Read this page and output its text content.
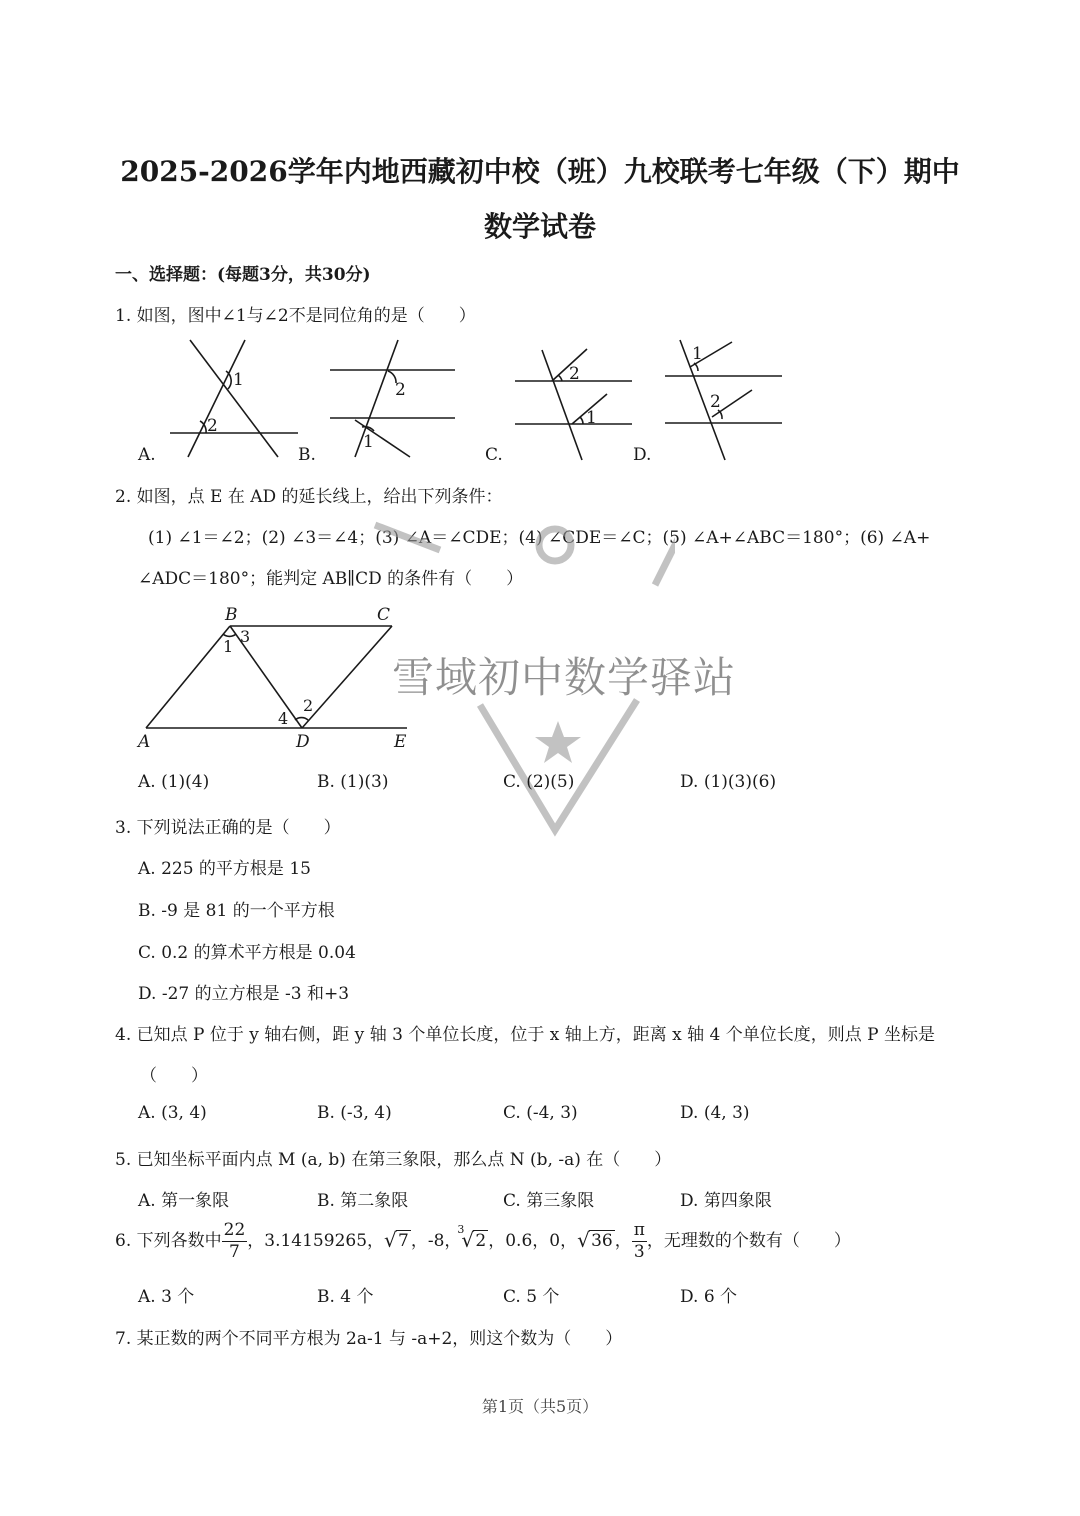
2025-2026学年内地西藏初中校（班）九校联考七年级（下）期中
数学试卷
一、选择题：(每题3分，共30分)
1. 如图，图中∠1与∠2不是同位角的是（　　）
1
2
2
1
2
1
1
2
A.	B.	C.	D.
2. 如图，点 E 在 AD 的延长线上，给出下列条件：
(1) ∠1＝∠2；(2) ∠3＝∠4；(3) ∠A＝∠CDE；(4) ∠CDE＝∠C；(5) ∠A+∠ABC＝180°；(6) ∠A+
∠ADC＝180°；能判定 AB∥CD 的条件有（　　）
雪域初中数学驿站
B	C
A	D	E
1
2
3
4
A. (1)(4)	B. (1)(3)	C. (2)(5)	D. (1)(3)(6)
3. 下列说法正确的是（　　）
A. 225 的平方根是 15
B. -9 是 81 的一个平方根
C. 0.2 的算术平方根是 0.04
D. -27 的立方根是 -3 和+3
4. 已知点 P 位于 y 轴右侧，距 y 轴 3 个单位长度，位于 x 轴上方，距离 x 轴 4 个单位长度，则点 P 坐标是
（　　）
A. (3, 4)	B. (-3, 4)	C. (-4, 3)	D. (4, 3)
5. 已知坐标平面内点 M (a, b) 在第三象限，那么点 N (b, -a) 在（　　）
A. 第一象限	B. 第二象限	C. 第三象限	D. 第四象限
6. 下列各数中 $\frac{22}{7}$ ，3.14159265， √ 7 ，-8，
3
√ 2 ，0.6，0， √ 36 ， $\frac{\pi}{3}$ ，无理数的个数有（　　）
A. 3 个	B. 4 个	C. 5 个	D. 6 个
7. 某正数的两个不同平方根为 2a-1 与 -a+2，则这个数为（　　）
第1页（共5页）
